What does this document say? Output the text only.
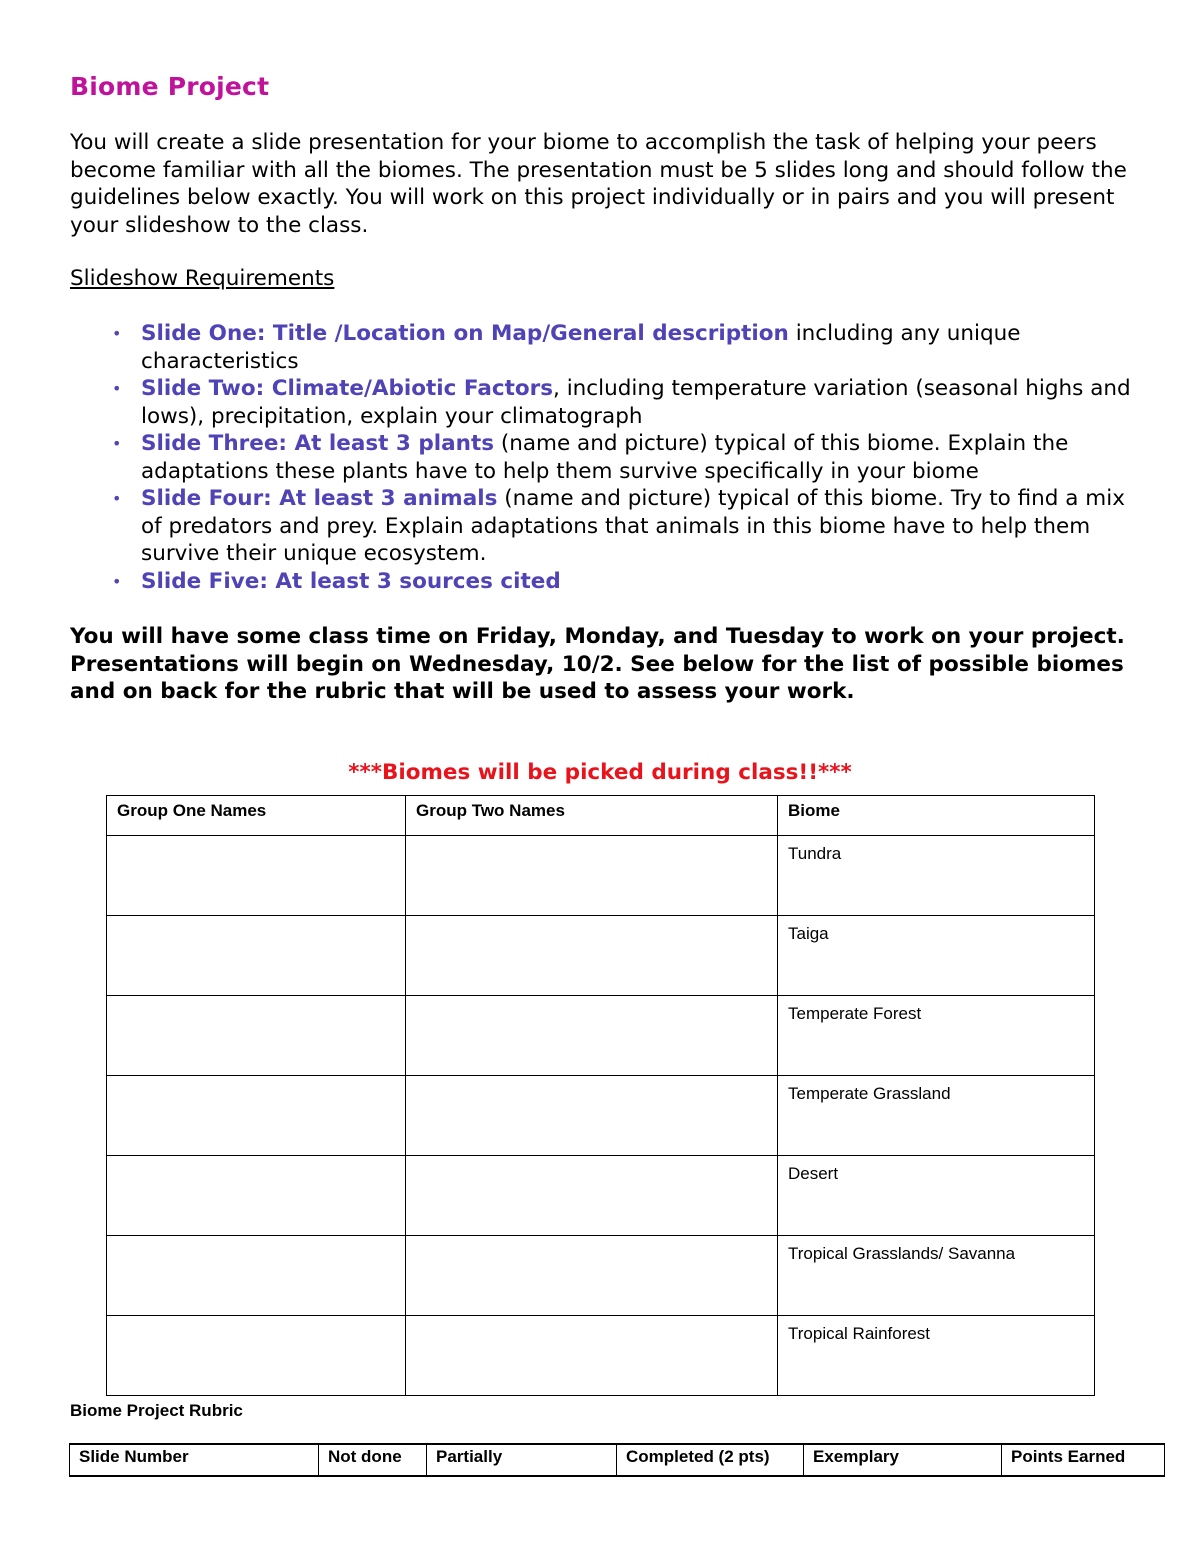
Biome Project

You will create a slide presentation for your biome to accomplish the task of helping your peers become familiar with all the biomes. The presentation must be 5 slides long and should follow the guidelines below exactly. You will work on this project individually or in pairs and you will present your slideshow to the class.

Slideshow Requirements

• Slide One: Title /Location on Map/General description including any unique characteristics
• Slide Two: Climate/Abiotic Factors, including temperature variation (seasonal highs and lows), precipitation, explain your climatograph
• Slide Three: At least 3 plants (name and picture) typical of this biome. Explain the adaptations these plants have to help them survive specifically in your biome
• Slide Four: At least 3 animals (name and picture) typical of this biome. Try to find a mix of predators and prey. Explain adaptations that animals in this biome have to help them survive their unique ecosystem.
• Slide Five: At least 3 sources cited

You will have some class time on Friday, Monday, and Tuesday to work on your project. Presentations will begin on Wednesday, 10/2. See below for the list of possible biomes and on back for the rubric that will be used to assess your work.

***Biomes will be picked during class!!***
Group One Names	Group Two Names	Biome
		Tundra
		Taiga
		Temperate Forest
		Temperate Grassland
		Desert
		Tropical Grasslands/ Savanna
		Tropical Rainforest
Biome Project Rubric
Slide Number	Not done	Partially	Completed (2 pts)	Exemplary	Points Earned
